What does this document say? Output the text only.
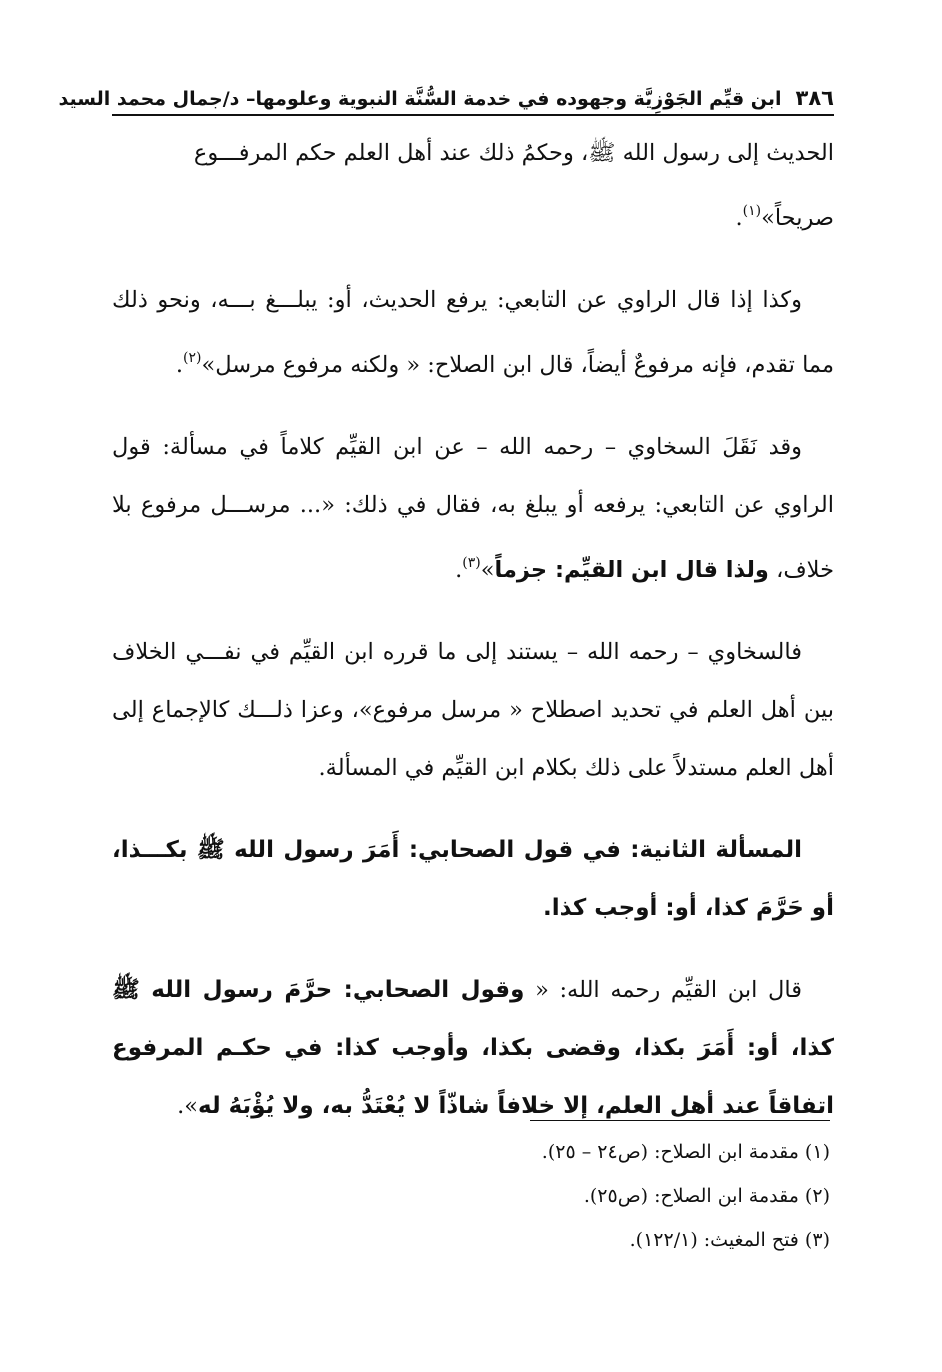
٣٨٦
ابن قيِّم الجَوْزِيَّة وجهوده في خدمة السُّنَّة النبوية وعلومها– د/جمال محمد السيد

الحديث إلى رسول الله ﷺ، وحكمُ ذلك عند أهل العلم حكم المرفـــوع
صريحاً»$^{(١)}$.

وكذا إذا قال الراوي عن التابعي: يرفع الحديث، أو: يبلـــغ بـــه، ونحو ذلك مما تقدم، فإنه مرفوعٌ أيضاً، قال ابن الصلاح: « ولكنه مرفوع مرسل»$^{(٢)}$.

وقد نَقَلَ السخاوي – رحمه الله – عن ابن القيِّم كلاماً في مسألة: قول الراوي عن التابعي: يرفعه أو يبلغ به، فقال في ذلك: «... مرســـل مرفوع بلا خلاف، ولذا قال ابن القيِّم: جزماً»$^{(٣)}$.

فالسخاوي – رحمه الله – يستند إلى ما قرره ابن القيِّم في نفـــي الخلاف بين أهل العلم في تحديد اصطلاح « مرسل مرفوع»، وعزا ذلـــك كالإجماع إلى أهل العلم مستدلاً على ذلك بكلام ابن القيِّم في المسألة.

المسألة الثانية: في قول الصحابي: أَمَرَ رسول الله ﷺ بكـــذا، أو حَرَّمَ كذا، أو: أوجب كذا.

قال ابن القيِّم رحمه الله: « وقول الصحابي: حرَّمَ رسول الله ﷺ كذا، أو: أَمَرَ بكذا، وقضى بكذا، وأوجب كذا: في حكـم المرفوع اتفاقاً عند أهل العلم، إلا خلافاً شاذّاً لا يُعْتَدُّ به، ولا يُؤْبَهُ له».

(١) مقدمة ابن الصلاح: (ص٢٤ – ٢٥).

(٢) مقدمة ابن الصلاح: (ص٢٥).

(٣) فتح المغيث: (١٢٢/١).
